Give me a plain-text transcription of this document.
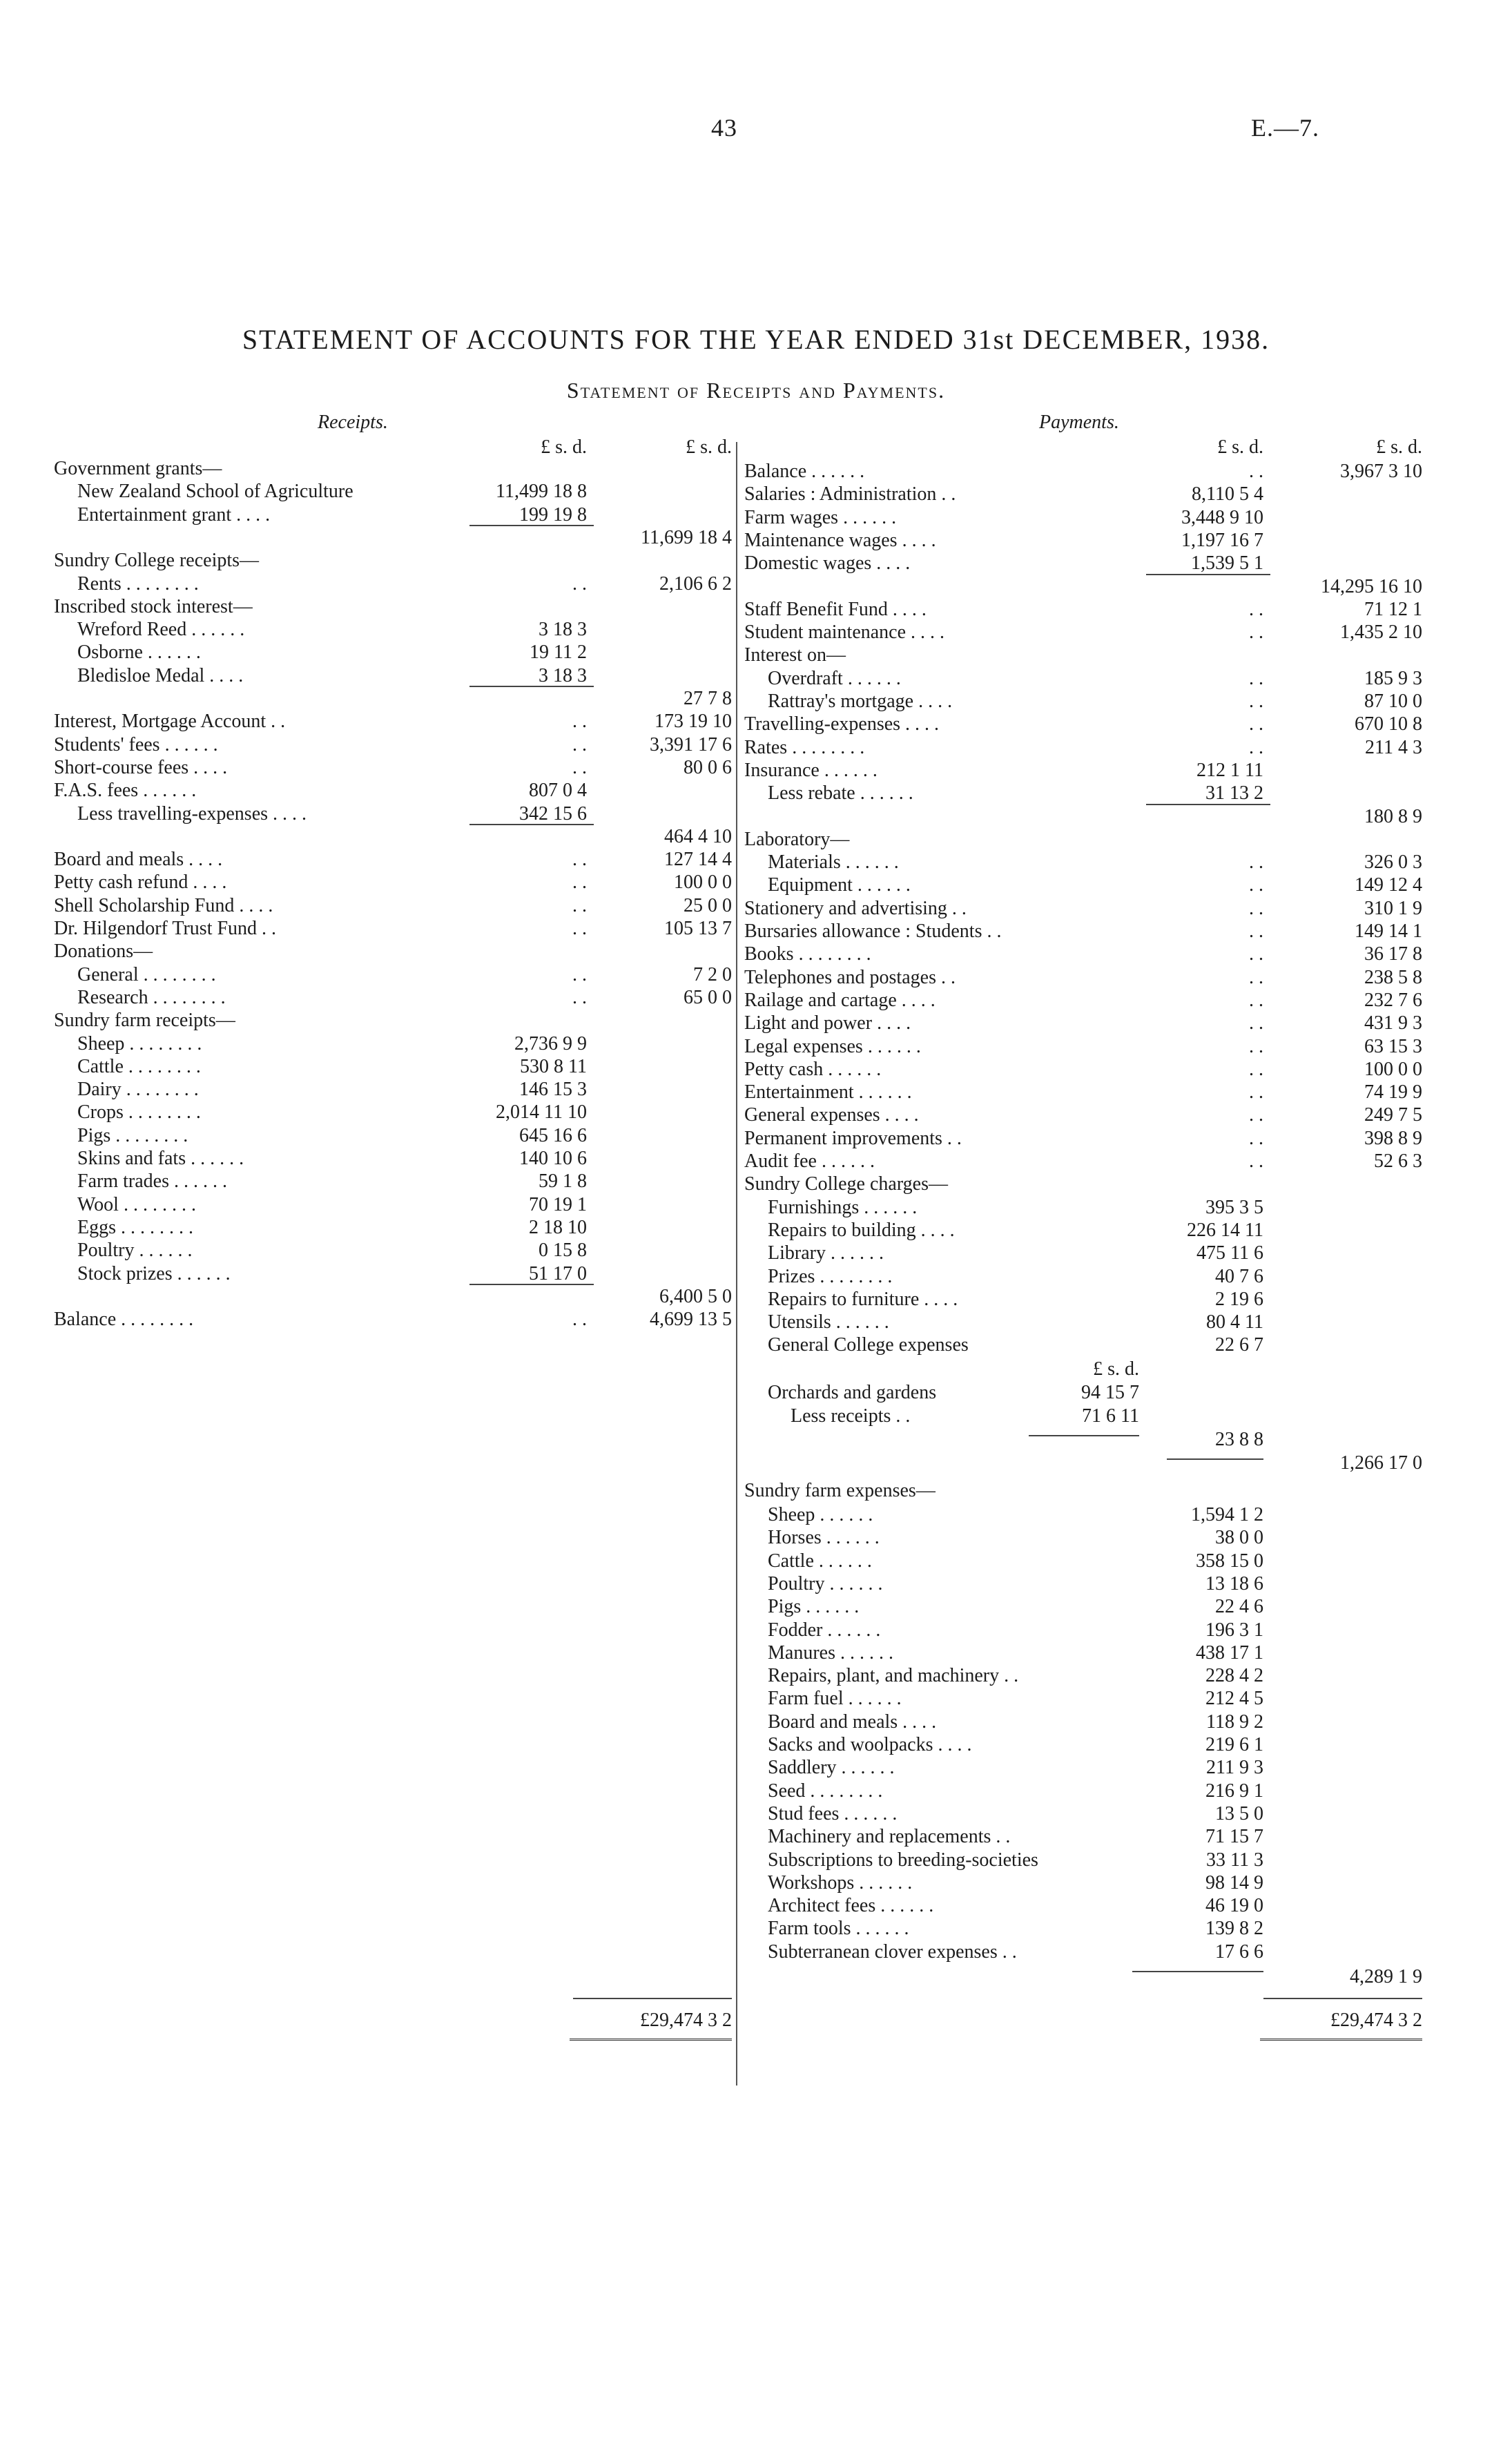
43	E.—7.
STATEMENT OF ACCOUNTS FOR THE YEAR ENDED 31st DECEMBER, 1938.
Statement of Receipts and Payments.
Receipts.	Payments.
£ s. d.	£ s. d.	£ s. d.	£ s. d.
Government grants—
New Zealand School of Agriculture	11,499 18 8
Entertainment grant . . . .	199 19 8
11,699 18 4
Sundry College receipts—
Rents . . . . . . . .	. .	2,106 6 2
Inscribed stock interest—
Wreford Reed . . . . . .	3 18 3
Osborne . . . . . .	19 11 2
Bledisloe Medal . . . .	3 18 3
27 7 8
Interest, Mortgage Account . .	. .	173 19 10
Students' fees . . . . . .	. .	3,391 17 6
Short-course fees . . . .	. .	80 0 6
F.A.S. fees . . . . . .	807 0 4
Less travelling-expenses . . . .	342 15 6
464 4 10
Board and meals . . . .	. .	127 14 4
Petty cash refund . . . .	. .	100 0 0
Shell Scholarship Fund . . . .	. .	25 0 0
Dr. Hilgendorf Trust Fund . .	. .	105 13 7
Donations—
General . . . . . . . .	. .	7 2 0
Research . . . . . . . .	. .	65 0 0
Sundry farm receipts—
Sheep . . . . . . . .	2,736 9 9
Cattle . . . . . . . .	530 8 11
Dairy . . . . . . . .	146 15 3
Crops . . . . . . . .	2,014 11 10
Pigs . . . . . . . .	645 16 6
Skins and fats . . . . . .	140 10 6
Farm trades . . . . . .	59 1 8
Wool . . . . . . . .	70 19 1
Eggs . . . . . . . .	2 18 10
Poultry . . . . . .	0 15 8
Stock prizes . . . . . .	51 17 0
6,400 5 0
Balance . . . . . . . .	. .	4,699 13 5
Balance . . . . . .	. .	3,967 3 10
Salaries : Administration . .	8,110 5 4
Farm wages . . . . . .	3,448 9 10
Maintenance wages . . . .	1,197 16 7
Domestic wages . . . .	1,539 5 1
14,295 16 10
Staff Benefit Fund . . . .	. .	71 12 1
Student maintenance . . . .	. .	1,435 2 10
Interest on—
Overdraft . . . . . .	. .	185 9 3
Rattray's mortgage . . . .	. .	87 10 0
Travelling-expenses . . . .	. .	670 10 8
Rates . . . . . . . .	. .	211 4 3
Insurance . . . . . .	212 1 11
Less rebate . . . . . .	31 13 2
180 8 9
Laboratory—
Materials . . . . . .	. .	326 0 3
Equipment . . . . . .	. .	149 12 4
Stationery and advertising . .	. .	310 1 9
Bursaries allowance : Students . .	. .	149 14 1
Books . . . . . . . .	. .	36 17 8
Telephones and postages . .	. .	238 5 8
Railage and cartage . . . .	. .	232 7 6
Light and power . . . .	. .	431 9 3
Legal expenses . . . . . .	. .	63 15 3
Petty cash . . . . . .	. .	100 0 0
Entertainment . . . . . .	. .	74 19 9
General expenses . . . .	. .	249 7 5
Permanent improvements . .	. .	398 8 9
Audit fee . . . . . .	. .	52 6 3
Sundry College charges—
Furnishings . . . . . .	395 3 5
Repairs to building . . . .	226 14 11
Library . . . . . .	475 11 6
Prizes . . . . . . . .	40 7 6
Repairs to furniture . . . .	2 19 6
Utensils . . . . . .	80 4 11
General College expenses	22 6 7
£ s. d.
Orchards and gardens	94 15 7
Less receipts . .	71 6 11
23 8 8
1,266 17 0
Sundry farm expenses—
Sheep . . . . . .	1,594 1 2
Horses . . . . . .	38 0 0
Cattle . . . . . .	358 15 0
Poultry . . . . . .	13 18 6
Pigs . . . . . .	22 4 6
Fodder . . . . . .	196 3 1
Manures . . . . . .	438 17 1
Repairs, plant, and machinery . .	228 4 2
Farm fuel . . . . . .	212 4 5
Board and meals . . . .	118 9 2
Sacks and woolpacks . . . .	219 6 1
Saddlery . . . . . .	211 9 3
Seed . . . . . . . .	216 9 1
Stud fees . . . . . .	13 5 0
Machinery and replacements . .	71 15 7
Subscriptions to breeding-societies	33 11 3
Workshops . . . . . .	98 14 9
Architect fees . . . . . .	46 19 0
Farm tools . . . . . .	139 8 2
Subterranean clover expenses . .	17 6 6
4,289 1 9
£29,474 3 2	£29,474 3 2
